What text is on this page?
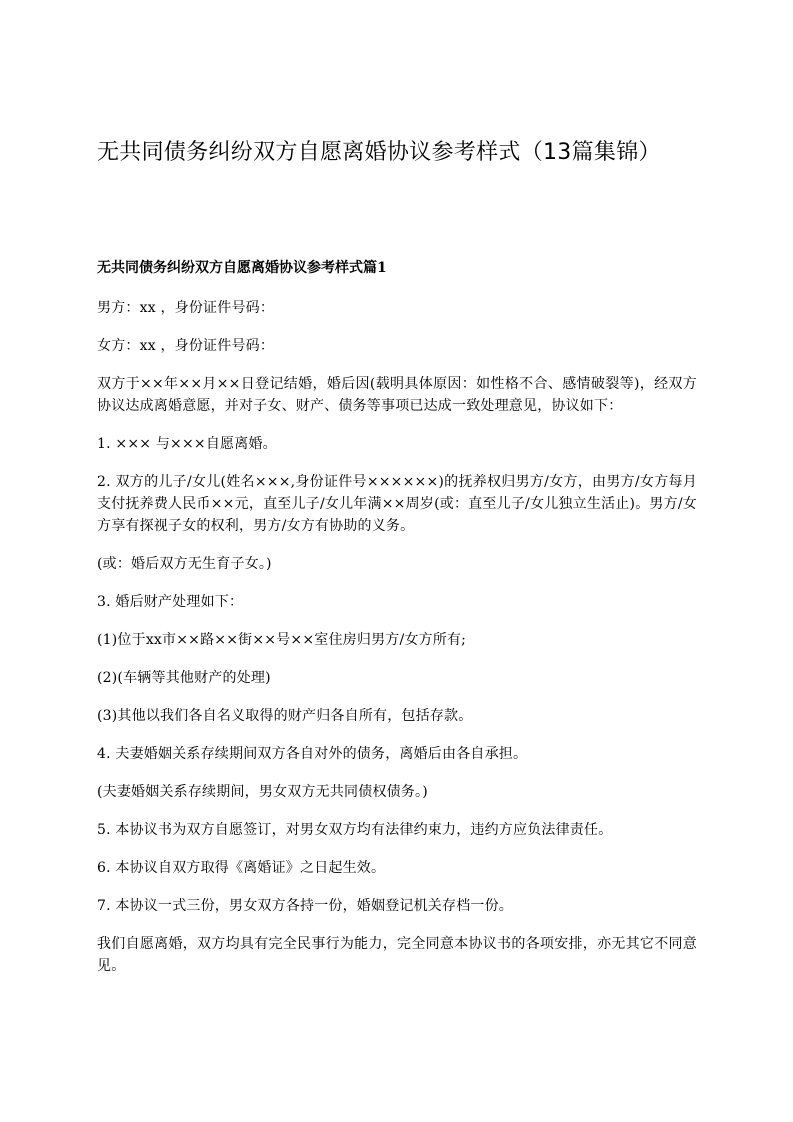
无共同债务纠纷双方自愿离婚协议参考样式（13篇集锦）
无共同债务纠纷双方自愿离婚协议参考样式篇1

男方：xx ，身份证件号码：

女方：xx ，身份证件号码：

双方于××年××月××日登记结婚，婚后因(载明具体原因：如性格不合、感情破裂等)，经双方协议达成离婚意愿，并对子女、财产、债务等事项已达成一致处理意见，协议如下：

1. ××× 与×××自愿离婚。

2. 双方的儿子/女儿(姓名×××,身份证件号××××××)的抚养权归男方/女方，由男方/女方每月支付抚养费人民币××元，直至儿子/女儿年满××周岁(或：直至儿子/女儿独立生活止)。男方/女方享有探视子女的权利，男方/女方有协助的义务。

(或：婚后双方无生育子女。)

3. 婚后财产处理如下：

(1)位于xx市××路××街××号××室住房归男方/女方所有;

(2)(车辆等其他财产的处理)

(3)其他以我们各自名义取得的财产归各自所有，包括存款。

4. 夫妻婚姻关系存续期间双方各自对外的债务，离婚后由各自承担。

(夫妻婚姻关系存续期间，男女双方无共同债权债务。)

5. 本协议书为双方自愿签订，对男女双方均有法律约束力，违约方应负法律责任。

6. 本协议自双方取得《离婚证》之日起生效。

7. 本协议一式三份，男女双方各持一份，婚姻登记机关存档一份。

我们自愿离婚，双方均具有完全民事行为能力，完全同意本协议书的各项安排，亦无其它不同意见。
